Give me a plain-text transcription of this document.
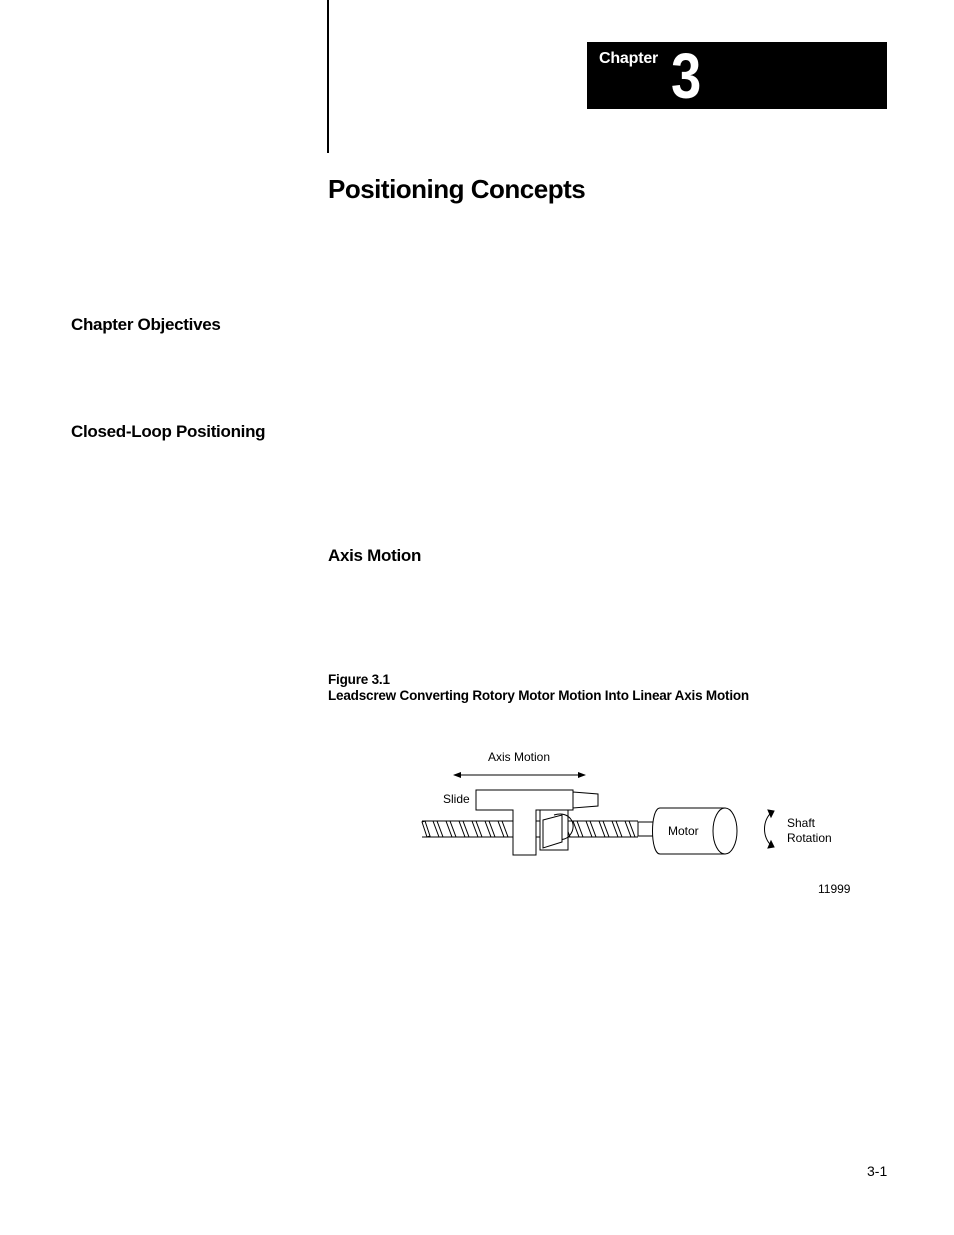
Chapter 3
Positioning Concepts
Chapter Objectives
Closed-Loop Positioning
Axis Motion
Figure 3.1
Leadscrew Converting Rotory Motor Motion Into Linear Axis Motion
Axis Motion
Slide
Motor
Shaft
Rotation
11999
3-1
